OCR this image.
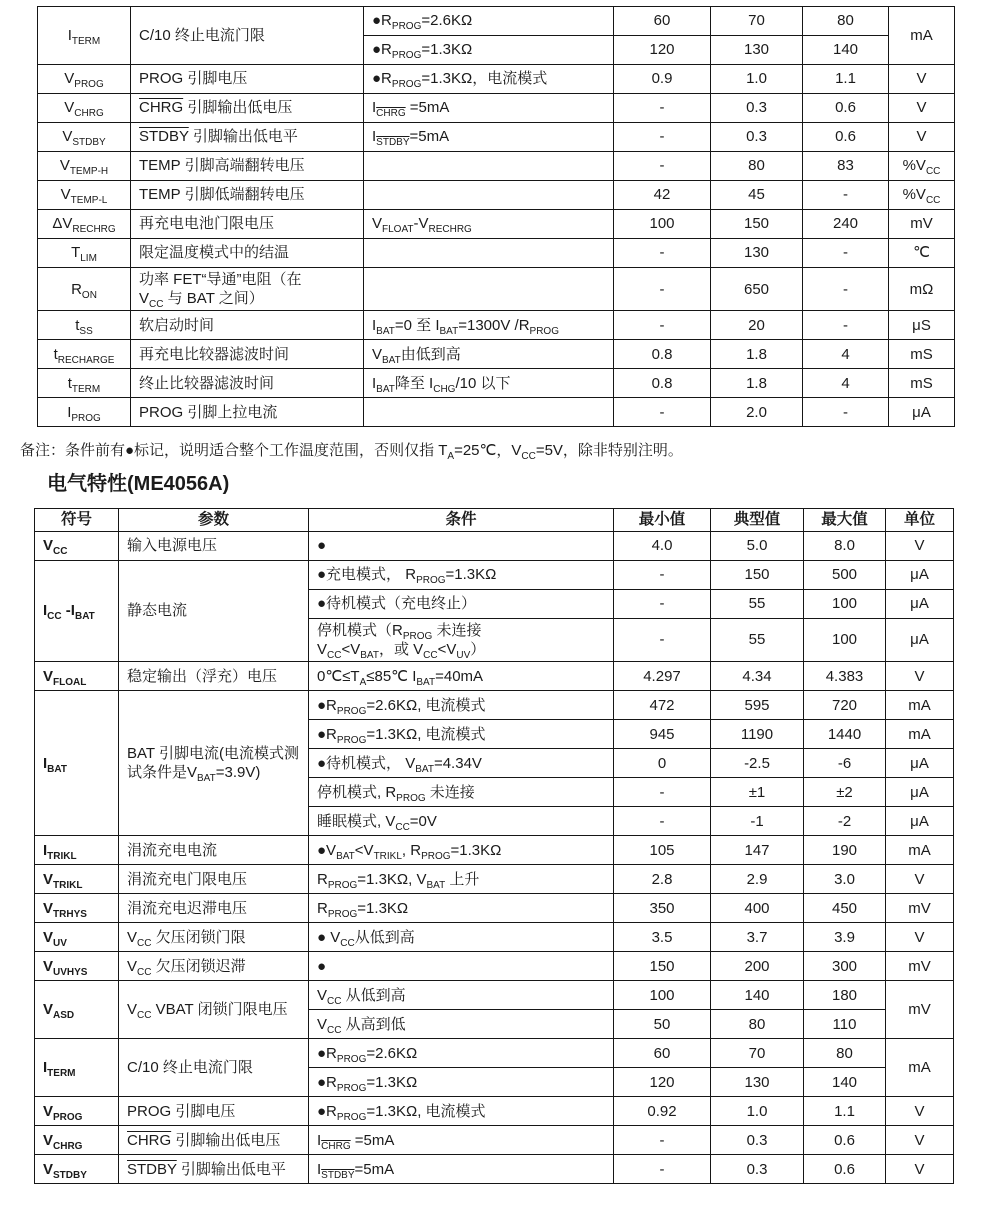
$I_{TERM}$	C/10 终止电流门限	$●R_{PROG}=2.6K\Omega$	60	70	80	mA
		$●R_{PROG}=1.3K\Omega$	120	130	140	
$V_{PROG}$	PROG 引脚电压	$●R_{PROG}=1.3K\Omega$，电流模式	0.9	1.0	1.1	V
$V_{CHRG}$	CHRG 引脚输出低电压	$I_{CHRG} =5mA$	-	0.3	0.6	V
$V_{STDBY}$	STDBY 引脚输出低电平	$I_{STDBY}=5mA$	-	0.3	0.6	V
$V_{TEMP-H}$	TEMP 引脚高端翻转电压		-	80	83	$\%V_{CC}$
$V_{TEMP-L}$	TEMP 引脚低端翻转电压		42	45	-	$\%V_{CC}$
$\Delta V_{RECHRG}$	再充电电池门限电压	$V_{FLOAT}-V_{RECHRG}$	100	150	240	mV
$T_{LIM}$	限定温度模式中的结温		-	130	-	℃
$R_{ON}$	功率 FET“导通”电阻（在
$V_{CC}$ 与 BAT 之间）		-	650	-	mΩ
$t_{SS}$	软启动时间	$I_{BAT}=0$ 至 $I_{BAT}=1300V$ $/R_{PROG}$	-	20	-	μS
$t_{RECHARGE}$	再充电比较器滤波时间	$V_{BAT}$由低到高	0.8	1.8	4	mS
$t_{TERM}$	终止比较器滤波时间	$I_{BAT}$降至 $I_{CHG}/10$ 以下	0.8	1.8	4	mS
$I_{PROG}$	PROG 引脚上拉电流		-	2.0	-	μA
备注：条件前有●标记，说明适合整个工作温度范围，否则仅指 $T_A=25℃$，$V_{CC}=5V$，除非特别注明。
电气特性(ME4056A)
符号	参数	条件	最小值	典型值	最大值	单位
$V_{CC}$	输入电源电压	●	4.0	5.0	8.0	V
$I_{CC}$ $-I_{BAT}$	静态电流	●充电模式， $R_{PROG}=1.3K\Omega$	-	150	500	μA
		●待机模式（充电终止）	-	55	100	μA
		停机模式（$R_{PROG}$ 未连接
$V_{CC}<V_{BAT}$，或 $V_{CC}<V_{UV}$）	-	55	100	μA
$V_{FLOAL}$	稳定输出（浮充）电压	$0℃\le T_A\le 85℃$ $I_{BAT}=40mA$	4.297	4.34	4.383	V
$I_{BAT}$	BAT 引脚电流(电流模式测
试条件是$V_{BAT}=3.9V$)	$●R_{PROG}=2.6K\Omega$, 电流模式	472	595	720	mA
		$●R_{PROG}=1.3K\Omega$, 电流模式	945	1190	1440	mA
		●待机模式， $V_{BAT}=4.34V$	0	-2.5	-6	μA
		停机模式, $R_{PROG}$ 未连接	-	±1	±2	μA
		睡眠模式, $V_{CC}=0V$	-	-1	-2	μA
$I_{TRIKL}$	涓流充电电流	$●V_{BAT}<V_{TRIKL}$, $R_{PROG}=1.3K\Omega$	105	147	190	mA
$V_{TRIKL}$	涓流充电门限电压	$R_{PROG}=1.3K\Omega$, $V_{BAT}$ 上升	2.8	2.9	3.0	V
$V_{TRHYS}$	涓流充电迟滞电压	$R_{PROG}=1.3K\Omega$	350	400	450	mV
$V_{UV}$	$V_{CC}$ 欠压闭锁门限	● $V_{CC}$从低到高	3.5	3.7	3.9	V
$V_{UVHYS}$	$V_{CC}$ 欠压闭锁迟滞	●	150	200	300	mV
$V_{ASD}$	$V_{CC}$ VBAT 闭锁门限电压	$V_{CC}$ 从低到高	100	140	180	mV
		$V_{CC}$ 从高到低	50	80	110	
$I_{TERM}$	C/10 终止电流门限	$●R_{PROG}=2.6K\Omega$	60	70	80	mA
		$●R_{PROG}=1.3K\Omega$	120	130	140	
$V_{PROG}$	PROG 引脚电压	$●R_{PROG}=1.3K\Omega$, 电流模式	0.92	1.0	1.1	V
$V_{CHRG}$	CHRG 引脚输出低电压	$I_{CHRG} =5mA$	-	0.3	0.6	V
$V_{STDBY}$	STDBY 引脚输出低电平	$I_{STDBY}=5mA$	-	0.3	0.6	V
